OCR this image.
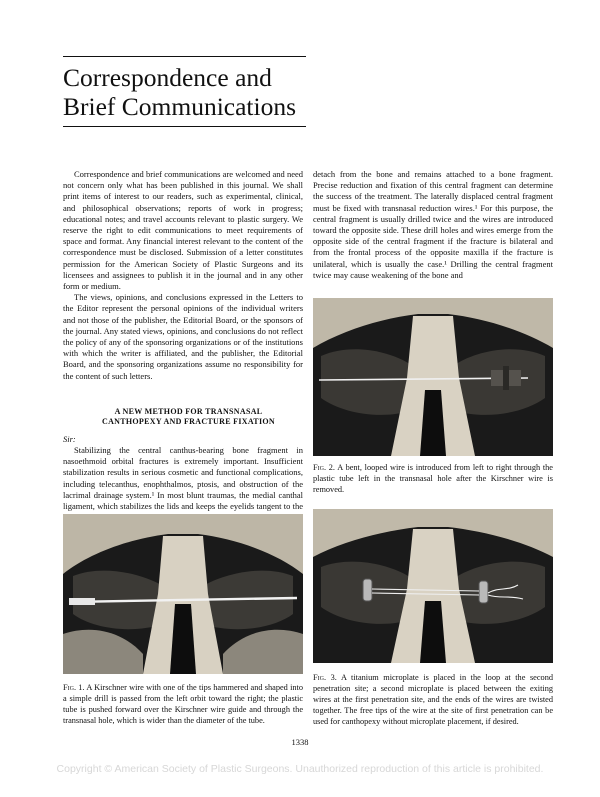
Correspondence and
Brief Communications

Correspondence and brief communications are welcomed and need not concern only what has been published in this journal. We shall print items of interest to our readers, such as experimental, clinical, and philosophical observations; reports of work in progress; educational notes; and travel accounts relevant to plastic surgery. We reserve the right to edit communications to meet requirements of space and format. Any financial interest relevant to the content of the correspondence must be disclosed. Submission of a letter constitutes permission for the American Society of Plastic Surgeons and its licensees and assignees to publish it in the journal and in any other form or medium.

The views, opinions, and conclusions expressed in the Letters to the Editor represent the personal opinions of the individual writers and not those of the publisher, the Editorial Board, or the sponsors of the journal. Any stated views, opinions, and conclusions do not reflect the policy of any of the sponsoring organizations or of the institutions with which the writer is affiliated, and the publisher, the Editorial Board, and the sponsoring organizations assume no responsibility for the content of such letters.

A NEW METHOD FOR TRANSNASAL

CANTHOPEXY AND FRACTURE FIXATION

Sir:

Stabilizing the central canthus-bearing bone fragment in nasoethmoid orbital fractures is extremely important. Insufficient stabilization results in serious cosmetic and functional complications, including telecanthus, enophthalmos, ptosis, and obstruction of the lacrimal drainage system.¹ In most blunt traumas, the medial canthal ligament, which stabilizes the lids and keeps the eyelids tangent to the

detach from the bone and remains attached to a bone fragment. Precise reduction and fixation of this central fragment can determine the success of the treatment. The laterally displaced central fragment must be fixed with transnasal reduction wires.¹ For this purpose, the central fragment is usually drilled twice and the wires are introduced toward the opposite side. These drill holes and wires emerge from the opposite side of the central fragment if the fracture is bilateral and from the frontal process of the opposite maxilla if the fracture is unilateral, which is usually the case.¹ Drilling the central fragment twice may cause weakening of the bone and

Fig. 1. A Kirschner wire with one of the tips hammered and shaped into a simple drill is passed from the left orbit toward the right; the plastic tube is pushed forward over the Kirschner wire guide and through the transnasal hole, which is wider than the diameter of the tube.
Fig. 2. A bent, looped wire is introduced from left to right through the plastic tube left in the transnasal hole after the Kirschner wire is removed.
Fig. 3. A titanium microplate is placed in the loop at the second penetration site; a second microplate is placed between the exiting wires at the first penetration site, and the ends of the wires are twisted together. The free tips of the wire at the site of first penetration can be used for canthopexy without microplate placement, if desired.
1338
Copyright © American Society of Plastic Surgeons. Unauthorized reproduction of this article is prohibited.
